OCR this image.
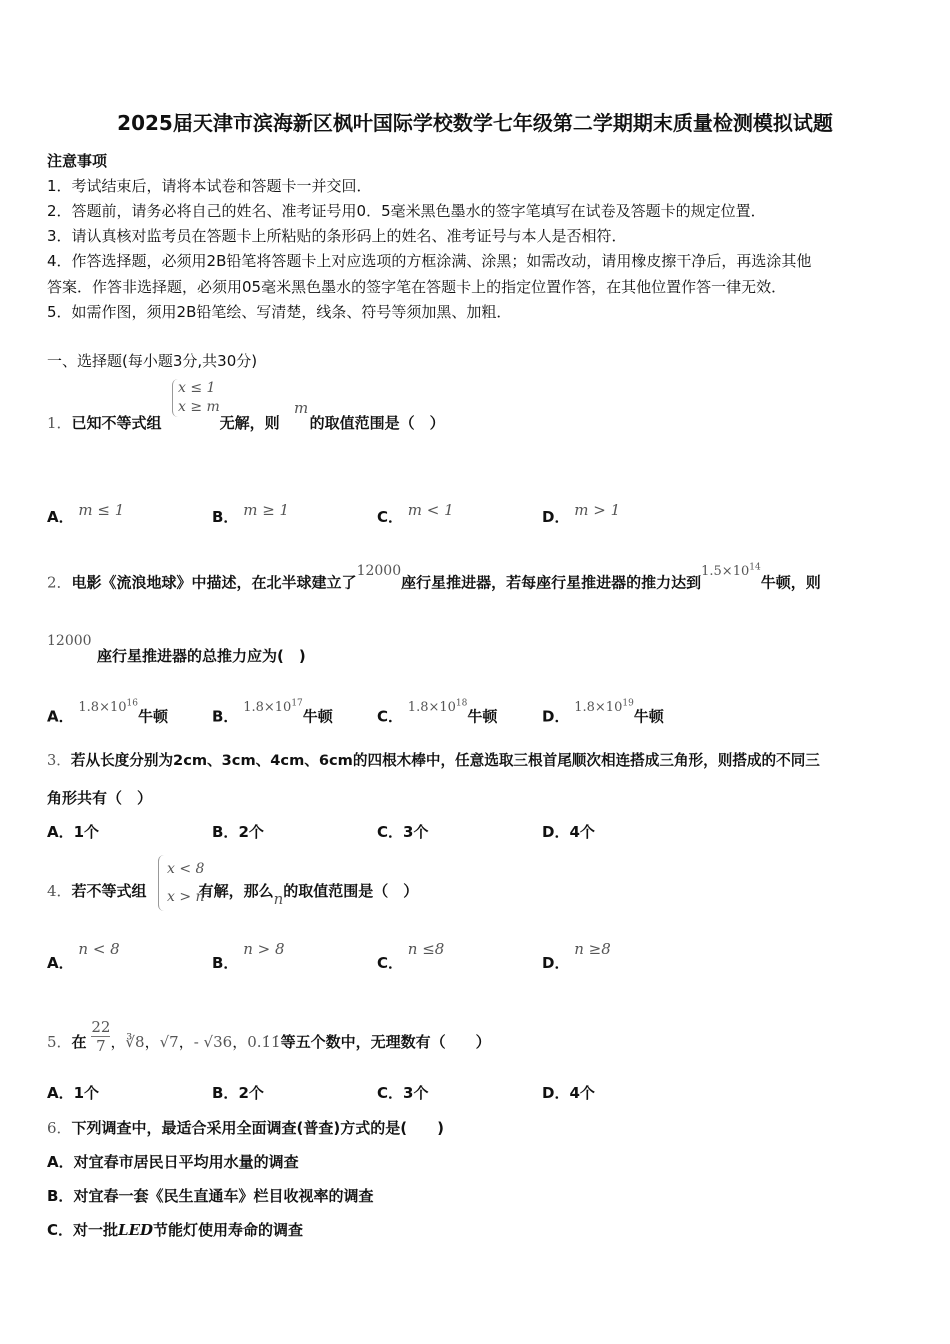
2025届天津市滨海新区枫叶国际学校数学七年级第二学期期末质量检测模拟试题
注意事项
1．考试结束后，请将本试卷和答题卡一并交回．
2．答题前，请务必将自己的姓名、准考证号用0．5毫米黑色墨水的签字笔填写在试卷及答题卡的规定位置．
3．请认真核对监考员在答题卡上所粘贴的条形码上的姓名、准考证号与本人是否相符．
4．作答选择题，必须用2B铅笔将答题卡上对应选项的方框涂满、涂黑；如需改动，请用橡皮擦干净后，再选涂其他
答案．作答非选择题，必须用05毫米黑色墨水的签字笔在答题卡上的指定位置作答，在其他位置作答一律无效．
5．如需作图，须用2B铅笔绘、写清楚，线条、符号等须加黑、加粗．
一、选择题(每小题3分,共30分)
1．已知不等式组	无解，则 的取值范围是（　）
x ≤ 1
x ≥ m	m
A． m ≤ 1	B． m ≥ 1	C． m < 1	D． m > 1
2．电影《流浪地球》中描述，在北半球建立了12000座行星推进器，若每座行星推进器的推力达到$1.5\times 10^{14}$牛顿，则
12000
座行星推进器的总推力应为(　)
A． $1.8\times 10^{16}$牛顿	B． $1.8\times 10^{17}$牛顿	C． $1.8\times 10^{18}$牛顿	D． $1.8\times 10^{19}$牛顿
3．若从长度分别为2cm、3cm、4cm、6cm的四根木棒中，任意选取三根首尾顺次相连搭成三角形，则搭成的不同三
角形共有（　）
A．1个	B．2个	C．3个	D．4个
4．若不等式组	有解，那么n的取值范围是（　）
x < 8
x > n
A． n < 8
B． n > 8
C． n ≤8
D． n ≥8
5．在 $\frac{22}{7}$ ，∛8，√7，- √36，0.1̇1̇等五个数中，无理数有（　　）
A．1个	B．2个	C．3个	D．4个
6．下列调查中，最适合采用全面调查(普查)方式的是(　　)
A．对宜春市居民日平均用水量的调查
B．对宜春一套《民生直通车》栏目收视率的调查
C．对一批LED节能灯使用寿命的调查
